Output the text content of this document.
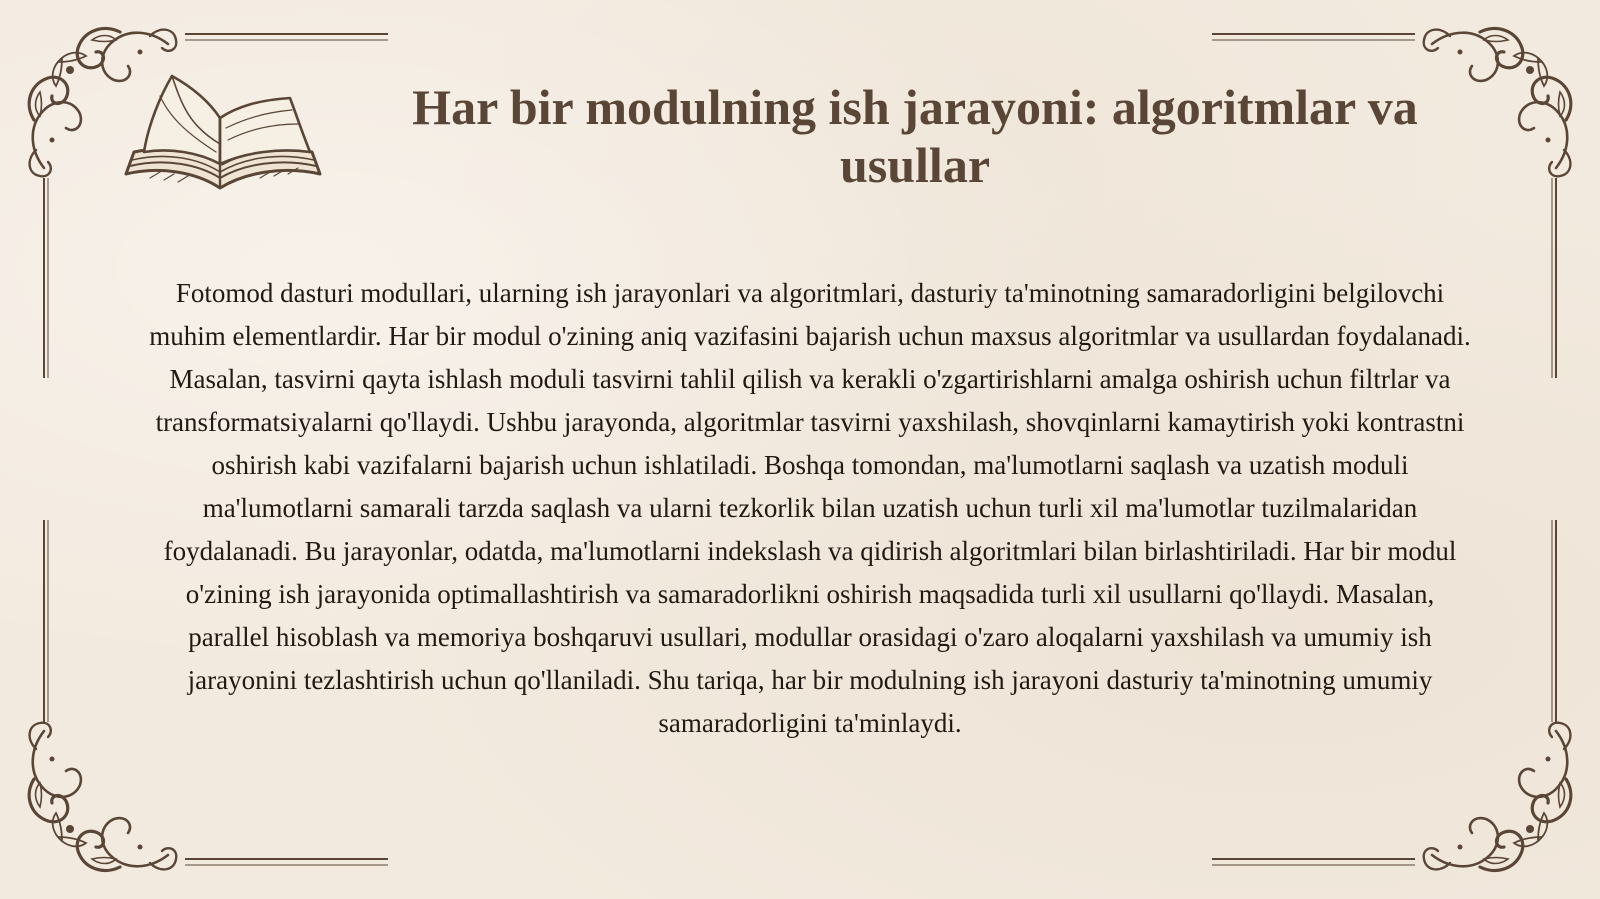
Har bir modulning ish jarayoni: algoritmlar va usullar

Fotomod dasturi modullari, ularning ish jarayonlari va algoritmlari, dasturiy ta'minotning samaradorligini belgilovchi muhim elementlardir. Har bir modul o'zining aniq vazifasini bajarish uchun maxsus algoritmlar va usullardan foydalanadi. Masalan, tasvirni qayta ishlash moduli tasvirni tahlil qilish va kerakli o'zgartirishlarni amalga oshirish uchun filtrlar va transformatsiyalarni qo'llaydi. Ushbu jarayonda, algoritmlar tasvirni yaxshilash, shovqinlarni kamaytirish yoki kontrastni oshirish kabi vazifalarni bajarish uchun ishlatiladi. Boshqa tomondan, ma'lumotlarni saqlash va uzatish moduli ma'lumotlarni samarali tarzda saqlash va ularni tezkorlik bilan uzatish uchun turli xil ma'lumotlar tuzilmalaridan foydalanadi. Bu jarayonlar, odatda, ma'lumotlarni indekslash va qidirish algoritmlari bilan birlashtiriladi. Har bir modul o'zining ish jarayonida optimallashtirish va samaradorlikni oshirish maqsadida turli xil usullarni qo'llaydi. Masalan, parallel hisoblash va memoriya boshqaruvi usullari, modullar orasidagi o'zaro aloqalarni yaxshilash va umumiy ish jarayonini tezlashtirish uchun qo'llaniladi. Shu tariqa, har bir modulning ish jarayoni dasturiy ta'minotning umumiy samaradorligini ta'minlaydi.
